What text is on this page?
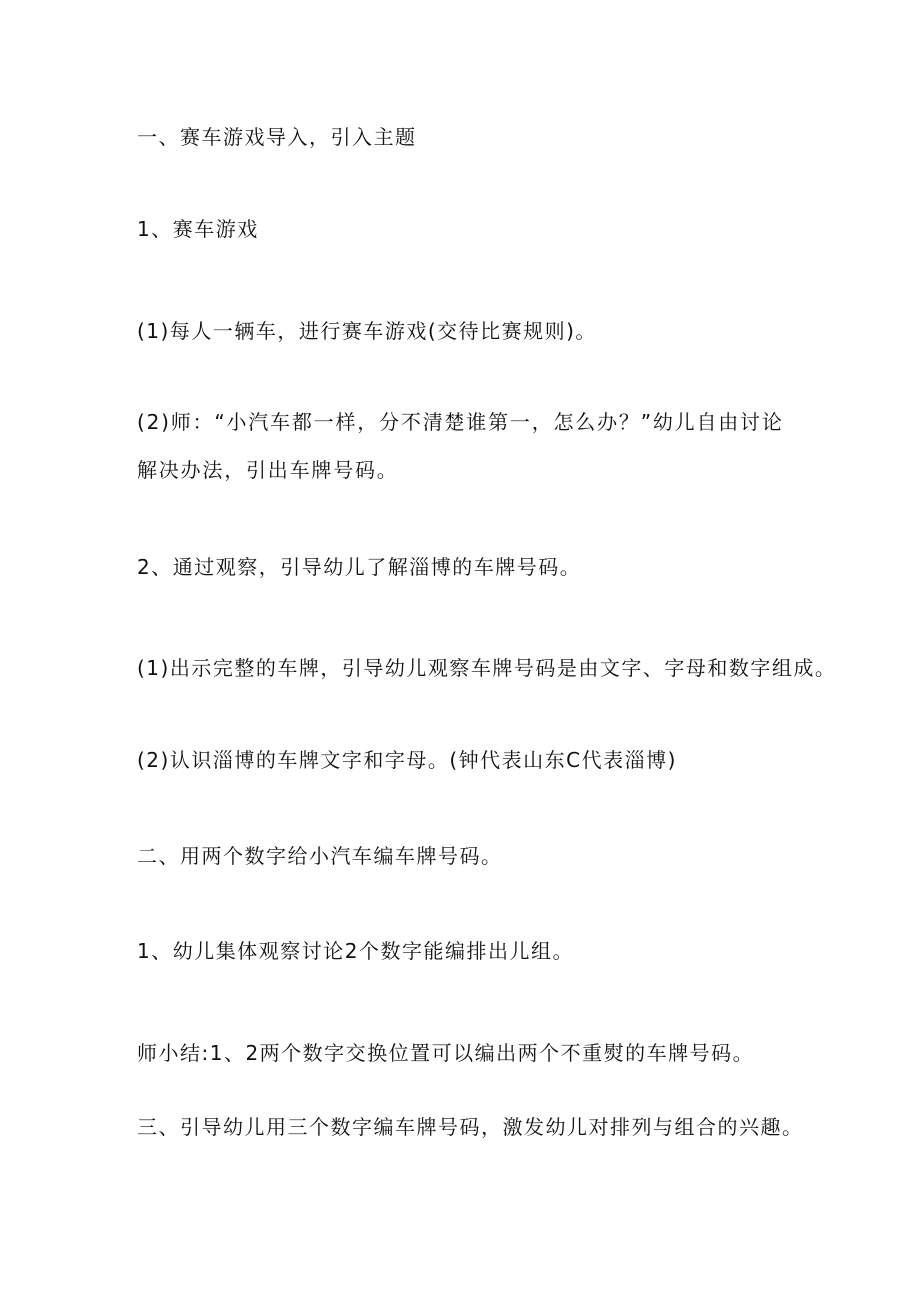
一、赛车游戏导入，引入主题

1、赛车游戏

(1)每人一辆车，进行赛车游戏(交待比赛规则)。

(2)师：“小汽车都一样，分不清楚谁第一，怎么办？”幼儿自由讨论解决办法，引出车牌号码。

2、通过观察，引导幼儿了解淄博的车牌号码。

(1)出示完整的车牌，引导幼儿观察车牌号码是由文字、字母和数字组成。

(2)认识淄博的车牌文字和字母。(钟代表山东C代表淄博)

二、用两个数字给小汽车编车牌号码。

1、幼儿集体观察讨论2个数字能编排出儿组。

师小结:1、2两个数字交换位置可以编出两个不重熨的车牌号码。

三、引导幼儿用三个数字编车牌号码，激发幼儿对排列与组合的兴趣。
